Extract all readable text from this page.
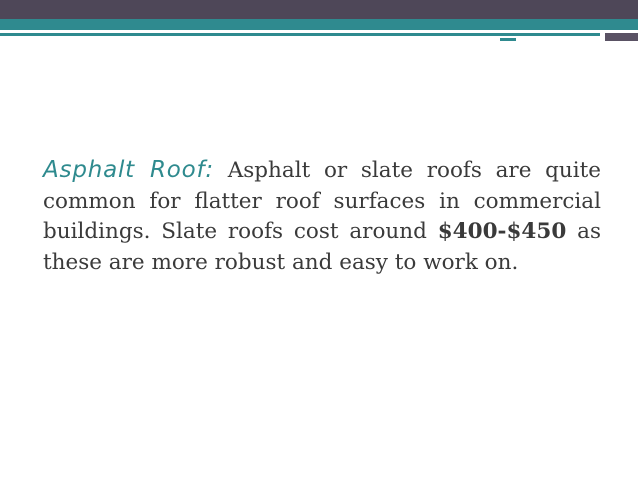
Asphalt Roof: Asphalt or slate roofs are quite common for flatter roof surfaces in commercial buildings. Slate roofs cost around $400-$450 as these are more robust and easy to work on.
